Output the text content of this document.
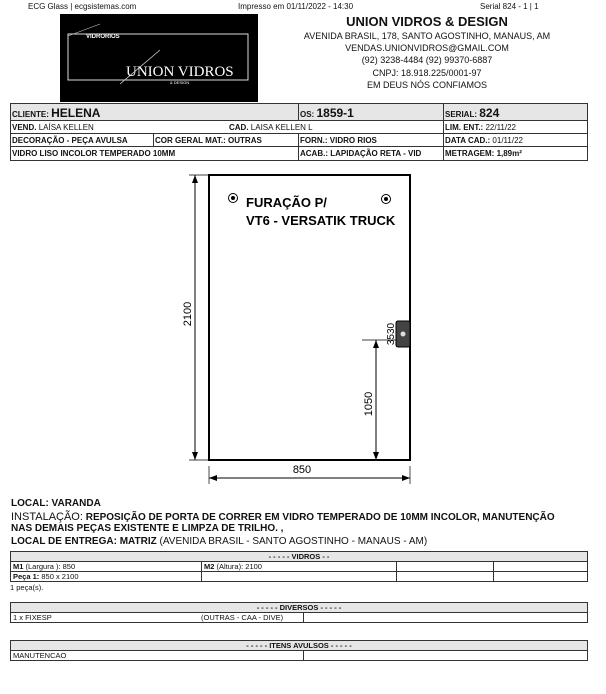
ECG Glass | ecgsistemas.com	Impresso em 01/11/2022 - 14:30	Serial 824 - 1 | 1
VIDRORIOS
UNION VIDROS
& DESIGN
UNION VIDROS & DESIGN
AVENIDA BRASIL, 178, SANTO AGOSTINHO, MANAUS, AM
VENDAS.UNIONVIDROS@GMAIL.COM
(92) 3238-4484 (92) 99370-6887
CNPJ: 18.918.225/0001-97
EM DEUS NÓS CONFIAMOS
CLIENTE: HELENA	OS: 1859-1	SERIAL: 824
VEND. LAÍSA KELLEN	CAD. LAISA KELLEN L	LIM. ENT.: 22/11/22
DECORAÇÃO - PEÇA AVULSA	COR GERAL MAT.: OUTRAS	FORN.: VIDRO RIOS	DATA CAD.: 01/11/22
VIDRO LISO INCOLOR TEMPERADO 10MM	ACAB.: LAPIDAÇÃO RETA - VID	METRAGEM: 1,89m²
FURAÇÃO P/
VT6 - VERSATIK TRUCK
2100
850
1050
3530
LOCAL: VARANDA
INSTALAÇÃO: REPOSIÇÃO DE PORTA DE CORRER EM VIDRO TEMPERADO DE 10MM INCOLOR, MANUTENÇÃO
NAS DEMAIS PEÇAS EXISTENTE E LIMPZA DE TRILHO. ,
LOCAL DE ENTREGA: MATRIZ (AVENIDA BRASIL - SANTO AGOSTINHO - MANAUS - AM)
- - - - - VIDROS - -			
M1 (Largura ): 850	M2 (Altura): 2100		
Peça 1: 850 x 2100			
1 peça(s).
- - - - - DIVERSOS - - - - -
1 x FIXESP	(OUTRAS - CAA - DIVE)

- - - - - ITENS AVULSOS - - - - -
MANUTENCAO	
